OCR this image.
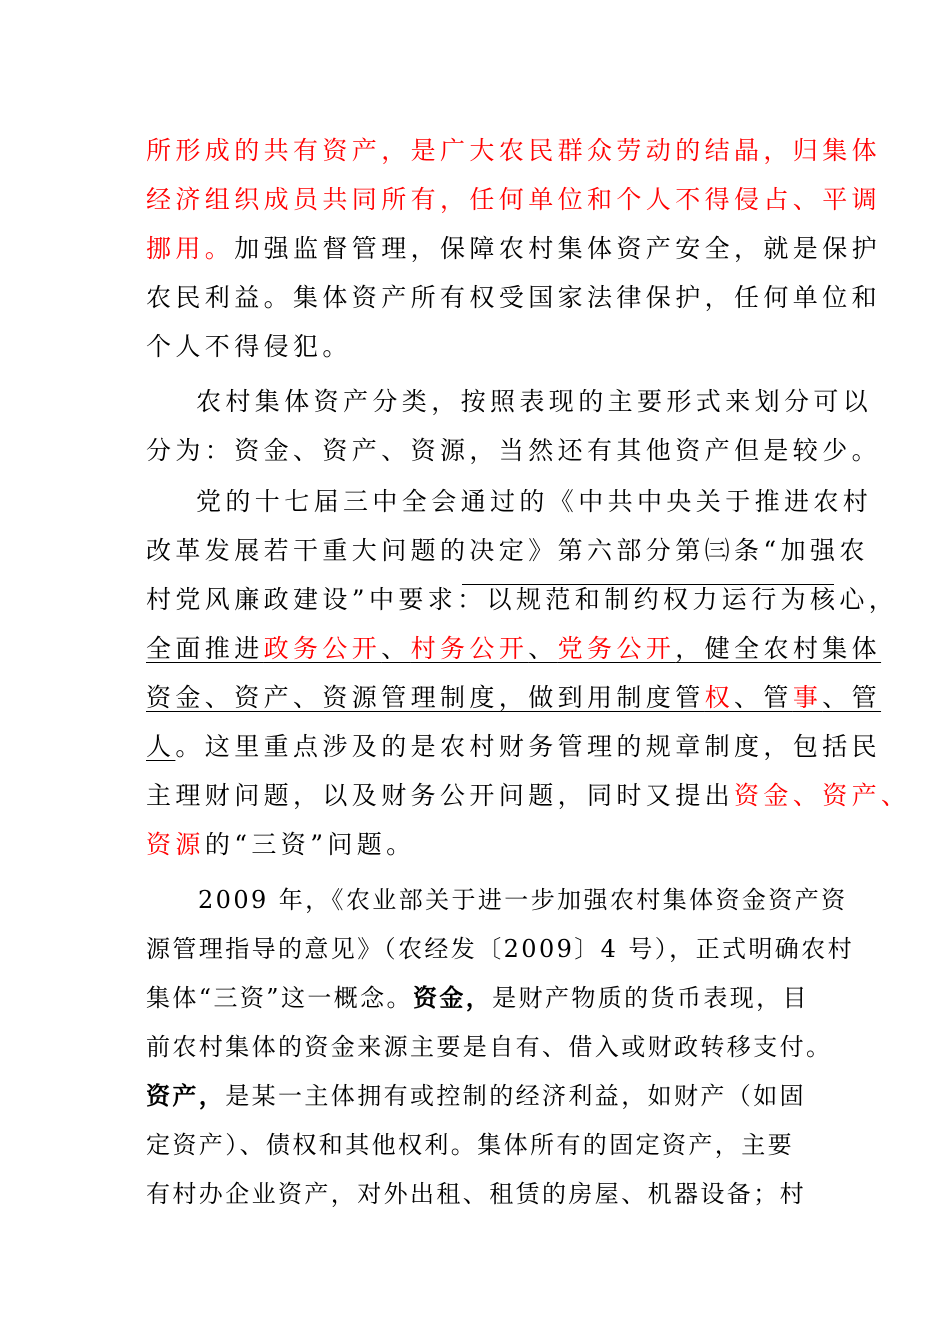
所形成的共有资产，是广大农民群众劳动的结晶，归集体

经济组织成员共同所有，任何单位和个人不得侵占、平调

挪用。加强监督管理，保障农村集体资产安全，就是保护

农民利益。集体资产所有权受国家法律保护，任何单位和

个人不得侵犯。

农村集体资产分类，按照表现的主要形式来划分可以

分为：资金、资产、资源，当然还有其他资产但是较少。

党的十七届三中全会通过的《中共中央关于推进农村

改革发展若干重大问题的决定》第六部分第㈢条“加强农

村党风廉政建设”中要求：以规范和制约权力运行为核心，

全面推进政务公开、村务公开、党务公开，健全农村集体

资金、资产、资源管理制度，做到用制度管权、管事、管

人。这里重点涉及的是农村财务管理的规章制度，包括民

主理财问题，以及财务公开问题，同时又提出资金、资产、

资源的“三资”问题。

2009 年，《农业部关于进一步加强农村集体资金资产资

源管理指导的意见》（农经发〔2009〕4 号），正式明确农村

集体“三资”这一概念。资金，是财产物质的货币表现，目

前农村集体的资金来源主要是自有、借入或财政转移支付。

资产，是某一主体拥有或控制的经济利益，如财产（如固

定资产）、债权和其他权利。集体所有的固定资产，主要

有村办企业资产，对外出租、租赁的房屋、机器设备；村
